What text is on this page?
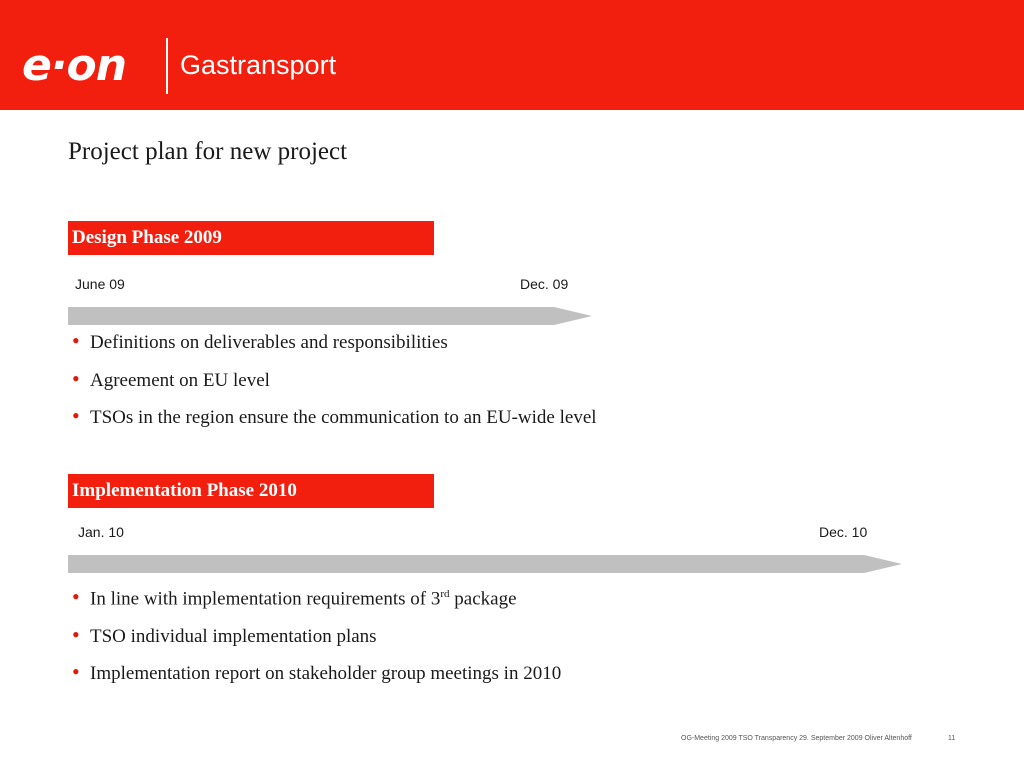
e·on Gastransport
Project plan for new project
Design Phase 2009
June 09	Dec. 09
• Definitions on deliverables and responsibilities
• Agreement on EU level
• TSOs in the region ensure the communication to an EU-wide level
Implementation Phase 2010
Jan. 10	Dec. 10
• In line with implementation requirements of 3rd package
• TSO individual implementation plans
• Implementation report on stakeholder group meetings in 2010
OG-Meeting 2009 TSO Transparency 29. September 2009 Oliver Altenhoff	11
